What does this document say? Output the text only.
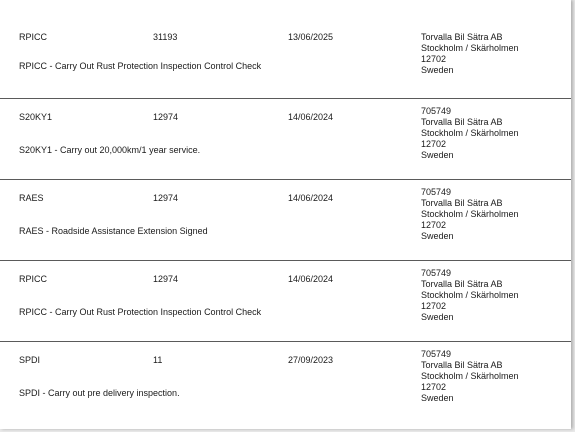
RPICC	31193	13/06/2025
RPICC - Carry Out Rust Protection Inspection Control Check
Torvalla Bil Sätra AB
Stockholm / Skärholmen
12702
Sweden
S20KY1	12974	14/06/2024
S20KY1 - Carry out 20,000km/1 year service.
705749
Torvalla Bil Sätra AB
Stockholm / Skärholmen
12702
Sweden
RAES	12974	14/06/2024
RAES - Roadside Assistance Extension Signed
705749
Torvalla Bil Sätra AB
Stockholm / Skärholmen
12702
Sweden
RPICC	12974	14/06/2024
RPICC - Carry Out Rust Protection Inspection Control Check
705749
Torvalla Bil Sätra AB
Stockholm / Skärholmen
12702
Sweden
SPDI	11	27/09/2023
SPDI - Carry out pre delivery inspection.
705749
Torvalla Bil Sätra AB
Stockholm / Skärholmen
12702
Sweden
